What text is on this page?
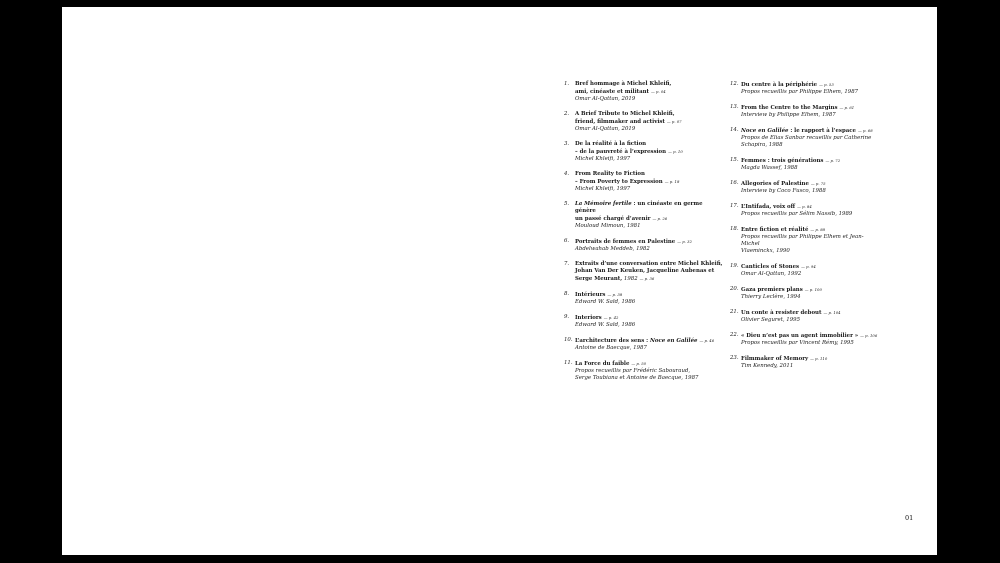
1. Bref hommage à Michel Khleifi,
ami, cinéaste et militant — p. 04
Omar Al-Qattan, 2019
2. A Brief Tribute to Michel Khleifi,
friend, filmmaker and activist — p. 07
Omar Al-Qattan, 2019
3. De la réalité à la fiction
– de la pauvreté à l’expression — p. 10
Michel Khleifi, 1997
4. From Reality to Fiction
– From Poverty to Expression — p. 18
Michel Khleifi, 1997
5. La Mémoire fertile : un cinéaste en germe génère
un passé chargé d’avenir — p. 26
Mouloud Mimoun, 1981
6. Portraits de femmes en Palestine — p. 32
Abdelwahab Meddeb, 1982
7. Extraits d’une conversation entre Michel Khleifi,
Johan Van Der Keuken, Jacqueline Aubenas et
Serge Meurant, 1982 — p. 36
8. Intérieurs — p. 38
Edward W. Saïd, 1986
9. Interiors — p. 42
Edward W. Saïd, 1986
10. L’architecture des sens : Noce en Galilée — p. 46
Antoine de Baecque, 1987
11. La Force du faible — p. 50
Propos recueillis par Frédéric Sabouraud,
Serge Toubiana et Antoine de Baecque, 1987
12. Du centre à la périphérie — p. 53
Propos recueillis par Philippe Elhem, 1987
13. From the Centre to the Margins — p. 61
Interview by Philippe Elhem, 1987
14. Noce en Galilée : le rapport à l’espace — p. 68
Propos de Elias Sanbar recueillis par Catherine
Schapira, 1988
15. Femmes : trois générations — p. 72
Magda Wassef, 1988
16. Allegories of Palestine — p. 75
Interview by Coco Fusco, 1988
17. L’Intifada, voix off — p. 84
Propos recueillis par Sélim Nassib, 1989
18. Entre fiction et réalité — p. 88
Propos recueillis par Philippe Elhem et Jean-Michel
Vlaeminckx, 1990
19. Canticles of Stones — p. 94
Omar Al-Qattan, 1992
20. Gaza premiers plans — p. 100
Thierry Leclère, 1994
21. Un conte à resister debout — p. 104
Olivier Seguret, 1995
22. « Dieu n’est pas un agent immobilier » — p. 106
Propos recueillis par Vincent Rémy, 1995
23. Filmmaker of Memory — p. 110
Tim Kennedy, 2011
01
